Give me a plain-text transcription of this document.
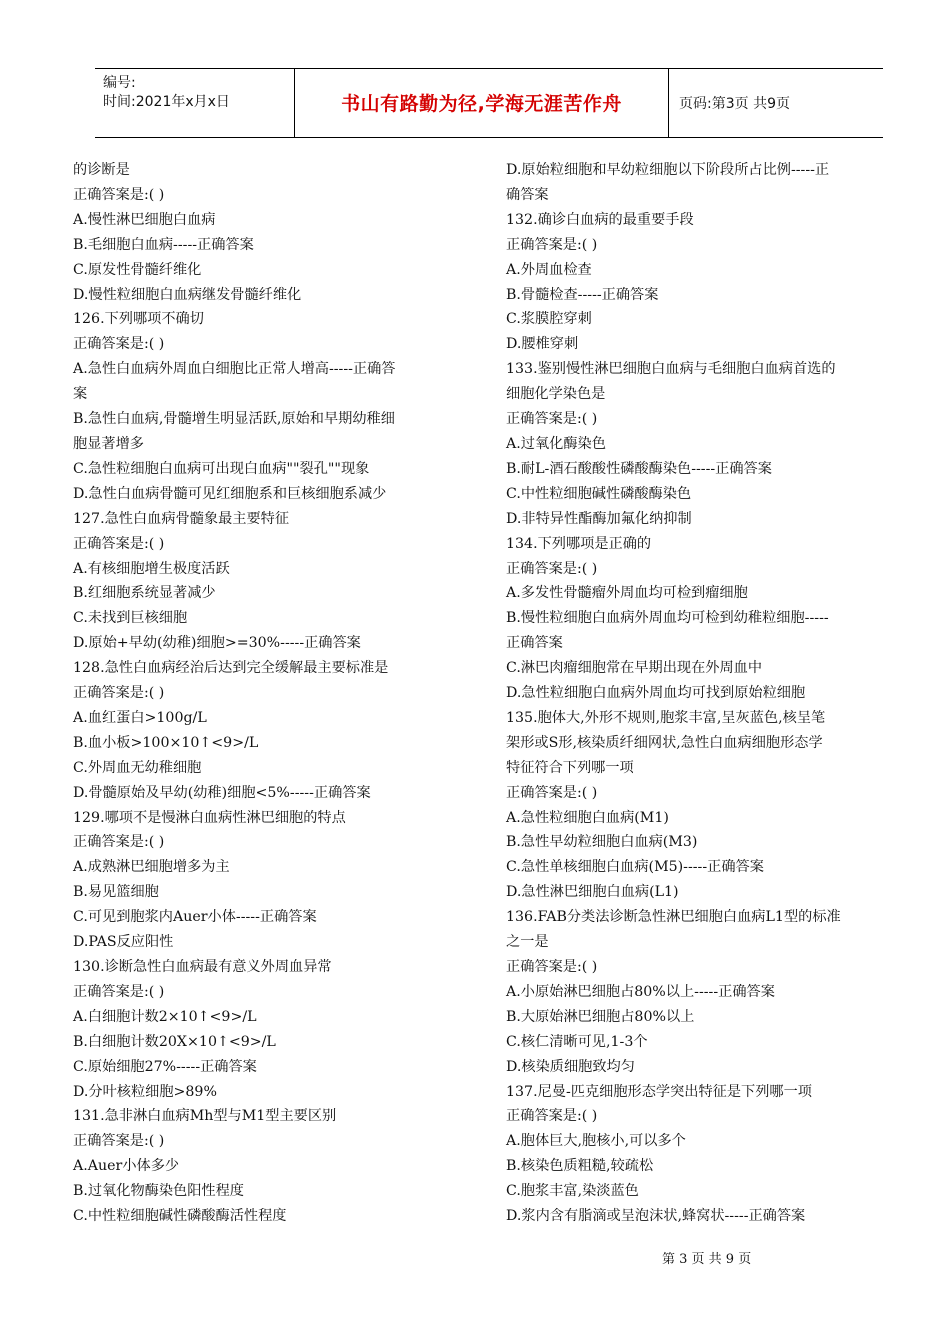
编号:
时间:2021年x月x日	书山有路勤为径,学海无涯苦作舟	页码:第3页 共9页
的诊断是
正确答案是:( )
A.慢性淋巴细胞白血病
B.毛细胞白血病-----正确答案
C.原发性骨髓纤维化
D.慢性粒细胞白血病继发骨髓纤维化
126.下列哪项不确切
正确答案是:( )
A.急性白血病外周血白细胞比正常人增高-----正确答
案
B.急性白血病,骨髓增生明显活跃,原始和早期幼稚细
胞显著增多
C.急性粒细胞白血病可出现白血病""裂孔""现象
D.急性白血病骨髓可见红细胞系和巨核细胞系减少
127.急性白血病骨髓象最主要特征
正确答案是:( )
A.有核细胞增生极度活跃
B.红细胞系统显著减少
C.未找到巨核细胞
D.原始+早幼(幼稚)细胞>=30%-----正确答案
128.急性白血病经治后达到完全缓解最主要标准是
正确答案是:( )
A.血红蛋白>100g/L
B.血小板>100×10↑<9>/L
C.外周血无幼稚细胞
D.骨髓原始及早幼(幼稚)细胞<5%-----正确答案
129.哪项不是慢淋白血病性淋巴细胞的特点
正确答案是:( )
A.成熟淋巴细胞增多为主
B.易见篮细胞
C.可见到胞浆内Auer小体-----正确答案
D.PAS反应阳性
130.诊断急性白血病最有意义外周血异常
正确答案是:( )
A.白细胞计数2×10↑<9>/L
B.白细胞计数20X×10↑<9>/L
C.原始细胞27%-----正确答案
D.分叶核粒细胞>89%
131.急非淋白血病Mh型与M1型主要区别
正确答案是:( )
A.Auer小体多少
B.过氧化物酶染色阳性程度
C.中性粒细胞碱性磷酸酶活性程度
D.原始粒细胞和早幼粒细胞以下阶段所占比例-----正
确答案
132.确诊白血病的最重要手段
正确答案是:( )
A.外周血检查
B.骨髓检查-----正确答案
C.浆膜腔穿刺
D.腰椎穿刺
133.鉴别慢性淋巴细胞白血病与毛细胞白血病首选的
细胞化学染色是
正确答案是:( )
A.过氧化酶染色
B.耐L-酒石酸酸性磷酸酶染色-----正确答案
C.中性粒细胞碱性磷酸酶染色
D.非特异性酯酶加氟化纳抑制
134.下列哪项是正确的
正确答案是:( )
A.多发性骨髓瘤外周血均可检到瘤细胞
B.慢性粒细胞白血病外周血均可检到幼稚粒细胞-----
正确答案
C.淋巴肉瘤细胞常在早期出现在外周血中
D.急性粒细胞白血病外周血均可找到原始粒细胞
135.胞体大,外形不规则,胞浆丰富,呈灰蓝色,核呈笔
架形或S形,核染质纤细网状,急性白血病细胞形态学
特征符合下列哪一项
正确答案是:( )
A.急性粒细胞白血病(M1)
B.急性早幼粒细胞白血病(M3)
C.急性单核细胞白血病(M5)-----正确答案
D.急性淋巴细胞白血病(L1)
136.FAB分类法诊断急性淋巴细胞白血病L1型的标准
之一是
正确答案是:( )
A.小原始淋巴细胞占80%以上-----正确答案
B.大原始淋巴细胞占80%以上
C.核仁清晰可见,1-3个
D.核染质细胞致均匀
137.尼曼-匹克细胞形态学突出特征是下列哪一项
正确答案是:( )
A.胞体巨大,胞核小,可以多个
B.核染色质粗糙,较疏松
C.胞浆丰富,染淡蓝色
D.浆内含有脂滴或呈泡沫状,蜂窝状-----正确答案
第 3 页 共 9 页
